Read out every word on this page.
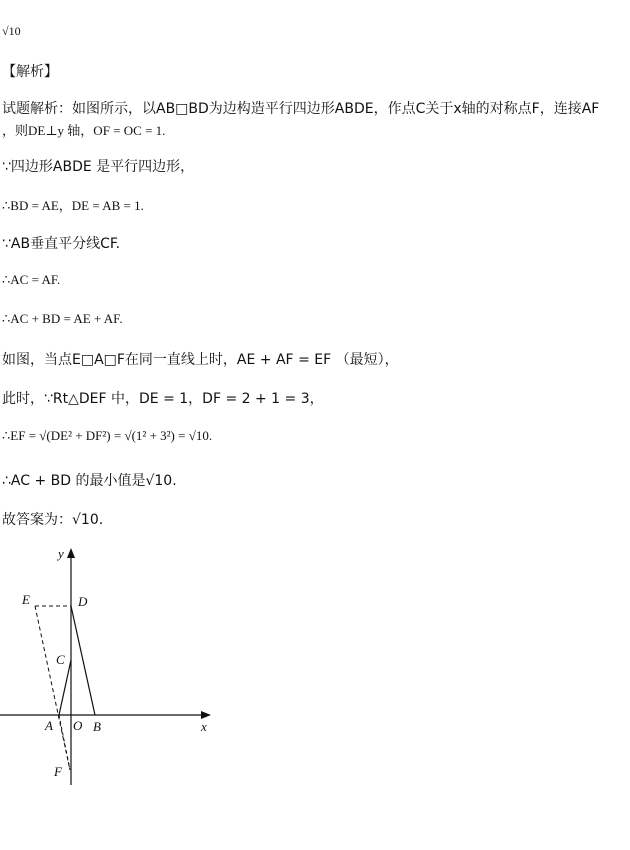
√10
【解析】
试题解析：如图所示，以AB□BD为边构造平行四边形ABDE，作点C关于x轴的对称点F，连接AF
，则DE⊥y 轴，OF = OC = 1.
∵四边形ABDE 是平行四边形，
∴BD = AE，DE = AB = 1.
∵AB垂直平分线CF.
∴AC = AF.
∴AC + BD = AE + AF.
如图，当点E□A□F在同一直线上时，AE + AF = EF （最短），
此时，∵Rt△DEF 中，DE = 1，DF = 2 + 1 = 3，
∴EF = √(DE² + DF²) = √(1² + 3²) = √10.
∴AC + BD 的最小值是√10.
故答案为：√10.
y
x
E	D
C
A O B
F
